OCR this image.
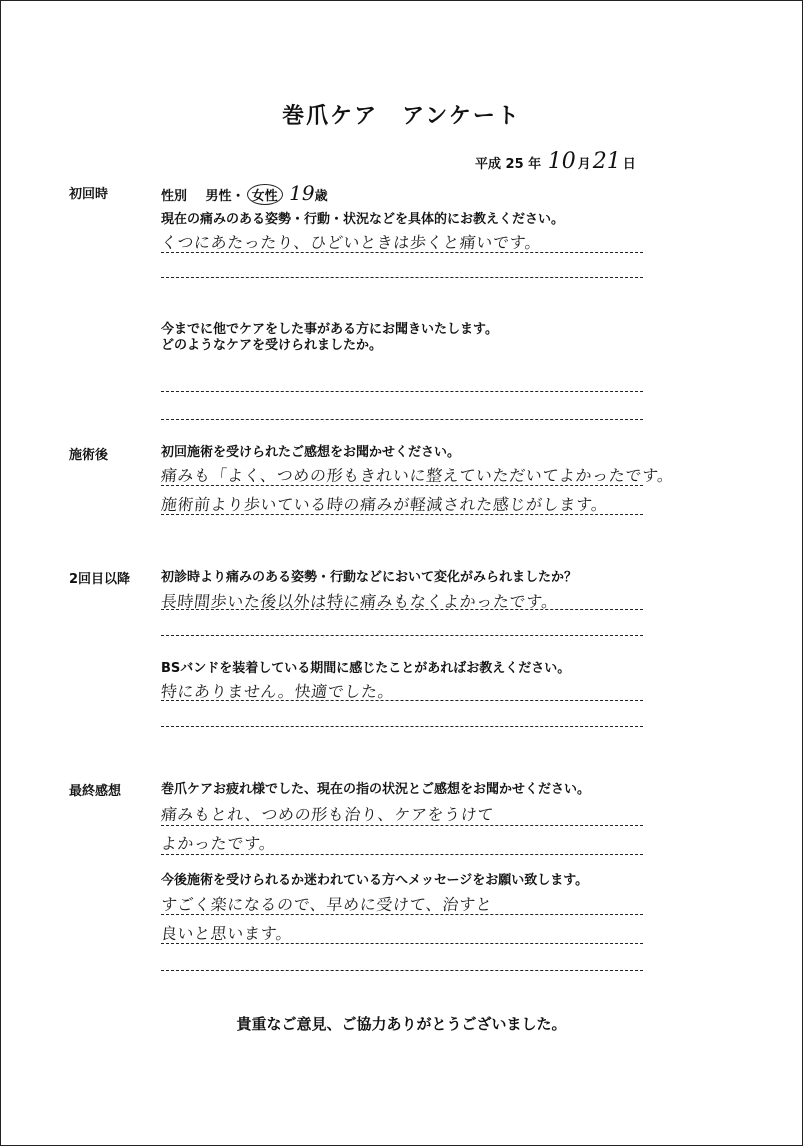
巻爪ケア　アンケート
平成 25 年 10 月21 日
初回時	性別 男性・ 女性 19歳
現在の痛みのある姿勢・行動・状況などを具体的にお教えください。
くつにあたったり、ひどいときは歩くと痛いです。
今までに他でケアをした事がある方にお聞きいたします。
どのようなケアを受けられましたか。
施術後	初回施術を受けられたご感想をお聞かせください。
痛みも「よく、つめの形もきれいに整えていただいてよかったです。
施術前より歩いている時の痛みが軽減された感じがします。
2回目以降 初診時より痛みのある姿勢・行動などにおいて変化がみられましたか？
長時間歩いた後以外は特に痛みもなくよかったです。
BSバンドを装着している期間に感じたことがあればお教えください。
特にありません。快適でした。
最終感想	巻爪ケアお疲れ様でした、現在の指の状況とご感想をお聞かせください。
痛みもとれ、つめの形も治り、ケアをうけて
よかったです。
今後施術を受けられるか迷われている方へメッセージをお願い致します。
すごく楽になるので、早めに受けて、治すと
良いと思います。
貴重なご意見、ご協力ありがとうございました。
